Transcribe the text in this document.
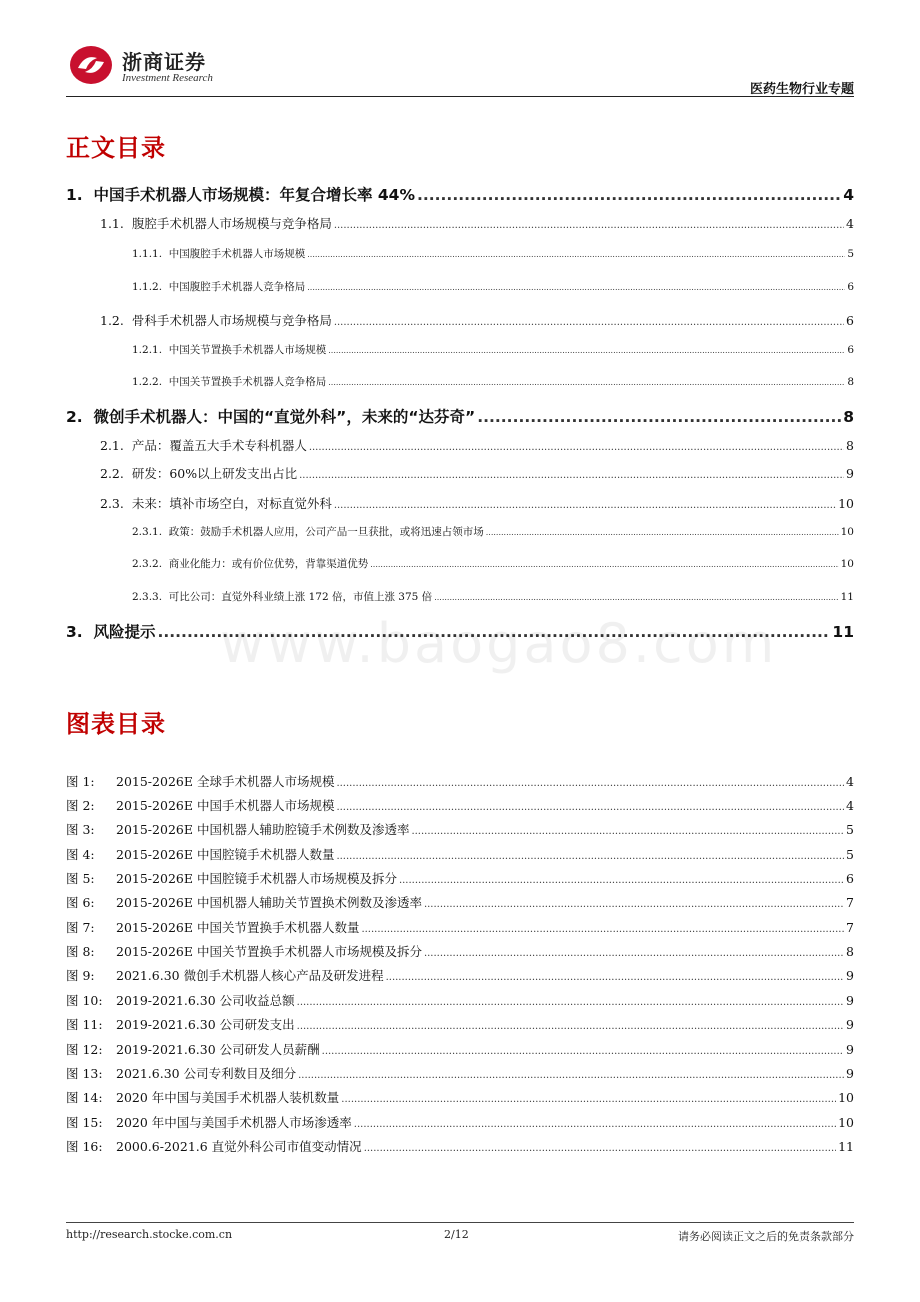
浙商证券
Investment Research
医药生物行业专题
www.baogao8.com
正文目录
1. 中国手术机器人市场规模：年复合增长率 44% .....	4
1.1. 腹腔手术机器人市场规模与竞争格局 .....	4
1.1.1. 中国腹腔手术机器人市场规模 .....	5
1.1.2. 中国腹腔手术机器人竞争格局 .....	6
1.2. 骨科手术机器人市场规模与竞争格局 .....	6
1.2.1. 中国关节置换手术机器人市场规模 .....	6
1.2.2. 中国关节置换手术机器人竞争格局 .....	8
2. 微创手术机器人：中国的“直觉外科”，未来的“达芬奇” .....	8
2.1. 产品：覆盖五大手术专科机器人 .....	8
2.2. 研发：60%以上研发支出占比 .....	9
2.3. 未来：填补市场空白，对标直觉外科 .....	10
2.3.1. 政策：鼓励手术机器人应用，公司产品一旦获批，或将迅速占领市场 .....	10
2.3.2. 商业化能力：或有价位优势，背靠渠道优势 .....	10
2.3.3. 可比公司：直觉外科业绩上涨 172 倍，市值上涨 375 倍 .....	11
3. 风险提示 .....	11
图表目录
图 1: 2015-2026E 全球手术机器人市场规模 .....	4
图 2: 2015-2026E 中国手术机器人市场规模 .....	4
图 3: 2015-2026E 中国机器人辅助腔镜手术例数及渗透率 .....	5
图 4: 2015-2026E 中国腔镜手术机器人数量 .....	5
图 5: 2015-2026E 中国腔镜手术机器人市场规模及拆分 .....	6
图 6: 2015-2026E 中国机器人辅助关节置换术例数及渗透率 .....	7
图 7: 2015-2026E 中国关节置换手术机器人数量 .....	7
图 8: 2015-2026E 中国关节置换手术机器人市场规模及拆分 .....	8
图 9: 2021.6.30 微创手术机器人核心产品及研发进程 .....	9
图 10: 2019-2021.6.30 公司收益总额 .....	9
图 11: 2019-2021.6.30 公司研发支出 .....	9
图 12: 2019-2021.6.30 公司研发人员薪酬 .....	9
图 13: 2021.6.30 公司专利数目及细分 .....	9
图 14: 2020 年中国与美国手术机器人装机数量 .....	10
图 15: 2020 年中国与美国手术机器人市场渗透率 .....	10
图 16: 2000.6-2021.6 直觉外科公司市值变动情况 .....	11
http://research.stocke.com.cn	2/12	请务必阅读正文之后的免责条款部分
